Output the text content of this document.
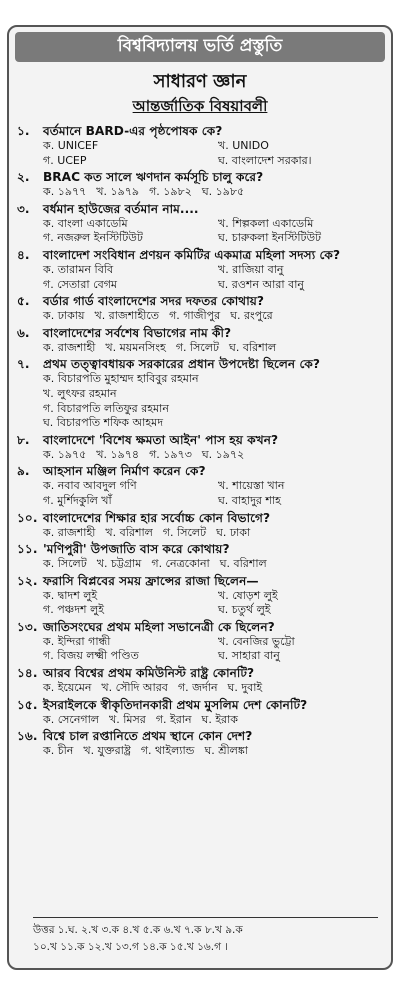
বিশ্ববিদ্যালয় ভর্তি প্রস্তুতি
সাধারণ জ্ঞান
আন্তর্জাতিক বিষয়াবলী
১.	বর্তমানে BARD-এর পৃষ্ঠপোষক কে?
ক. UNICEF	খ. UNIDO
গ. UCEP	ঘ. বাংলাদেশ সরকার।
২.	BRAC কত সালে ঋণদান কর্মসূচি চালু করে?
ক. ১৯৭৭ খ. ১৯৭৯ গ. ১৯৮২ ঘ. ১৯৮৫
৩.	বর্ধমান হাউজের বর্তমান নাম....
ক. বাংলা একাডেমি	খ. শিল্পকলা একাডেমি
গ. নজরুল ইনস্টিটিউট	ঘ. চারুকলা ইনস্টিটিউট
৪.	বাংলাদেশ সংবিধান প্রণয়ন কমিটির একমাত্র মহিলা সদস্য কে?
ক. তারামন বিবি	খ. রাজিয়া বানু
গ. সেতারা বেগম	ঘ. রওশন আরা বানু
৫.	বর্ডার গার্ড বাংলাদেশের সদর দফতর কোথায়?
ক. ঢাকায় খ. রাজশাহীতে গ. গাজীপুর ঘ. রংপুরে
৬.	বাংলাদেশের সর্বশেষ বিভাগের নাম কী?
ক. রাজশাহী খ. ময়মনসিংহ গ. সিলেট ঘ. বরিশাল
৭.	প্রথম তত্ত্বাবধায়ক সরকারের প্রধান উপদেষ্টা ছিলেন কে?
ক. বিচারপতি মুহাম্মদ হাবিবুর রহমান
খ. লুৎফর রহমান
গ. বিচারপতি লতিফুর রহমান
ঘ. বিচারপতি শফিক আহমদ
৮.	বাংলাদেশে 'বিশেষ ক্ষমতা আইন' পাস হয় কখন?
ক. ১৯৭৫ খ. ১৯৭৪ গ. ১৯৭৩ ঘ. ১৯৭২
৯.	আহসান মঞ্জিল নির্মাণ করেন কে?
ক. নবাব আবদুল গণি	খ. শায়েস্তা খান
গ. মুর্শিদকুলি খাঁ	ঘ. বাহাদুর শাহ
১০. বাংলাদেশের শিক্ষার হার সর্বোচ্চ কোন বিভাগে?
ক. রাজশাহী খ. বরিশাল গ. সিলেট ঘ. ঢাকা
১১. 'মণিপুরী' উপজাতি বাস করে কোথায়?
ক. সিলেট খ. চট্টগ্রাম গ. নেত্রকোনা ঘ. বরিশাল
১২. ফরাসি বিপ্লবের সময় ফ্রান্সের রাজা ছিলেন—
ক. দ্বাদশ লুই	খ. ষোড়শ লুই
গ. পঞ্চদশ লুই	ঘ. চতুর্থ লুই
১৩. জাতিসংঘের প্রথম মহিলা সভানেত্রী কে ছিলেন?
ক. ইন্দিরা গান্ধী	খ. বেনজির ভুট্টো
গ. বিজয় লক্ষ্মী পণ্ডিত	ঘ. সাহারা বানু
১৪. আরব বিশ্বের প্রথম কমিউনিস্ট রাষ্ট্র কোনটি?
ক. ইয়েমেন খ. সৌদি আরব গ. জর্দান ঘ. দুবাই
১৫. ইসরাইলকে স্বীকৃতিদানকারী প্রথম মুসলিম দেশ কোনটি?
ক. সেনেগাল খ. মিসর গ. ইরান ঘ. ইরাক
১৬. বিশ্বে চাল রপ্তানিতে প্রথম স্থানে কোন দেশ?
ক. চীন খ. যুক্তরাষ্ট্র গ. থাইল্যান্ড ঘ. শ্রীলঙ্কা
উত্তর ১.ঘ. ২.খ ৩.ক ৪.খ ৫.ক ৬.খ ৭.ক ৮.খ ৯.ক
১০.খ ১১.ক ১২.খ ১৩.গ ১৪.ক ১৫.খ ১৬.গ ।
